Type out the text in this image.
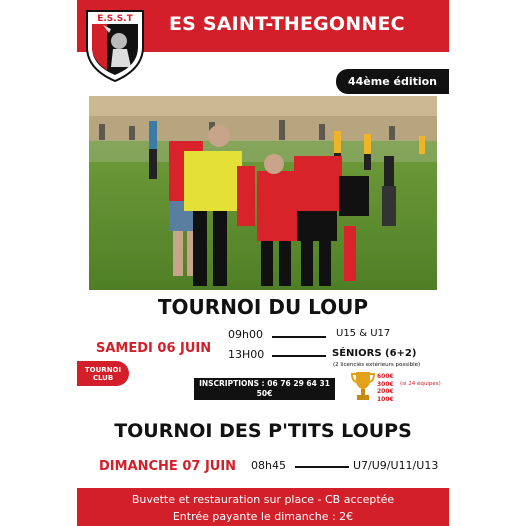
E.S.S.T ES SAINT-THEGONNEC
44ème édition
TOURNOI DU LOUP
SAMEDI 06 JUIN
09h00	U15 & U17
13H00	SÉNIORS (6+2)
(2 licenciés extérieurs possible)
TOURNOI
CLUB
INSCRIPTIONS : 06 76 29 64 31
50€
600€
300€
200€
100€
(si 24 équipes)
TOURNOI DES P'TITS LOUPS
DIMANCHE 07 JUIN 08h45	U7/U9/U11/U13
Buvette et restauration sur place - CB acceptée
Entrée payante le dimanche : 2€
